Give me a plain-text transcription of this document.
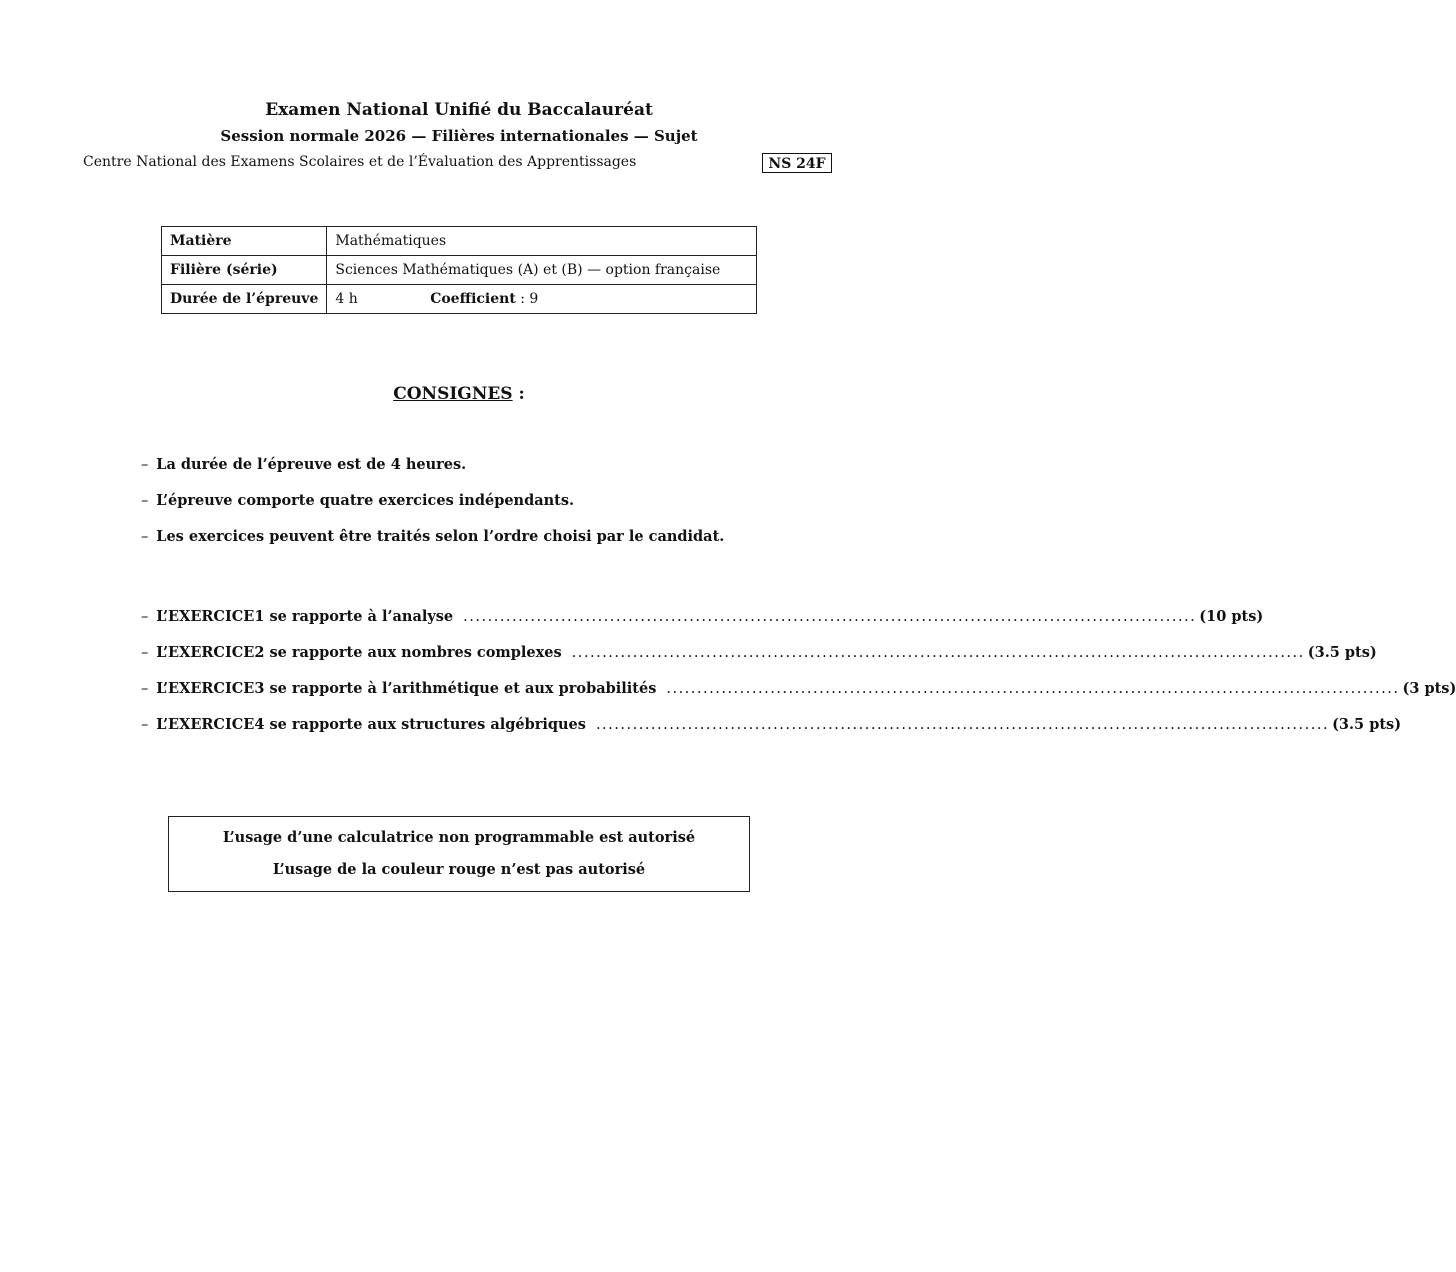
Examen National Unifié du Baccalauréat
Session normale 2026 — Filières internationales — Sujet
Centre National des Examens Scolaires et de l’Évaluation des Apprentissages	NS 24F
Matière	Mathématiques
Filière (série)	Sciences Mathématiques (A) et (B) — option française
Durée de l’épreuve	4 h Coefficient : 9
CONSIGNES :
– La durée de l’épreuve est de 4 heures.
– L’épreuve comporte quatre exercices indépendants.
– Les exercices peuvent être traités selon l’ordre choisi par le candidat.
– L’EXERCICE1 se rapporte à l’analyse ........................................................................................................................ (10 pts)
– L’EXERCICE2 se rapporte aux nombres complexes ........................................................................................................................ (3.5 pts)
– L’EXERCICE3 se rapporte à l’arithmétique et aux probabilités ........................................................................................................................ (3 pts)
– L’EXERCICE4 se rapporte aux structures algébriques ........................................................................................................................ (3.5 pts)
L’usage d’une calculatrice non programmable est autorisé
L’usage de la couleur rouge n’est pas autorisé
